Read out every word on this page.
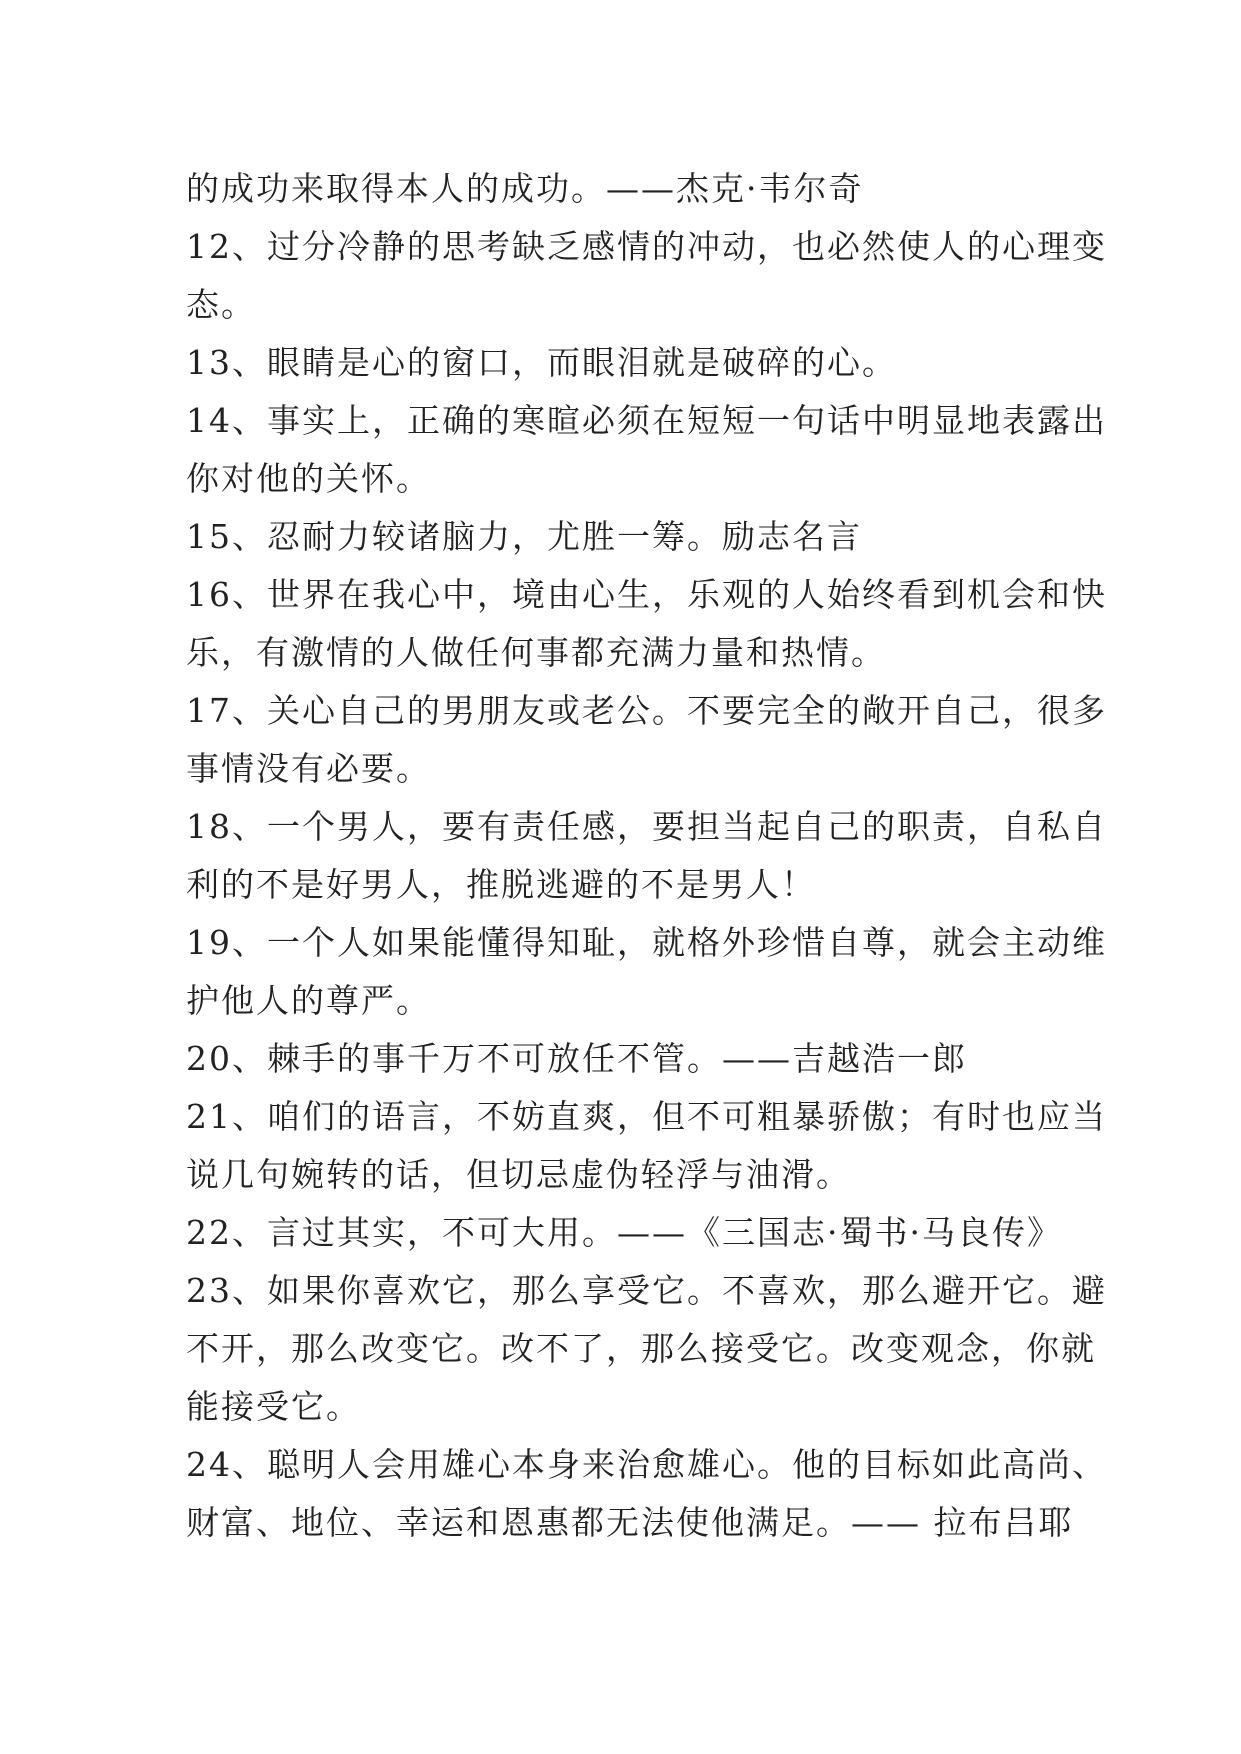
的成功来取得本人的成功。——杰克·韦尔奇
12、过分冷静的思考缺乏感情的冲动，也必然使人的心理变
态。
13、眼睛是心的窗口，而眼泪就是破碎的心。
14、事实上，正确的寒暄必须在短短一句话中明显地表露出
你对他的关怀。
15、忍耐力较诸脑力，尤胜一筹。励志名言
16、世界在我心中，境由心生，乐观的人始终看到机会和快
乐，有激情的人做任何事都充满力量和热情。
17、关心自己的男朋友或老公。不要完全的敞开自己，很多
事情没有必要。
18、一个男人，要有责任感，要担当起自己的职责，自私自
利的不是好男人，推脱逃避的不是男人！
19、一个人如果能懂得知耻，就格外珍惜自尊，就会主动维
护他人的尊严。
20、棘手的事千万不可放任不管。——吉越浩一郎
21、咱们的语言，不妨直爽，但不可粗暴骄傲；有时也应当
说几句婉转的话，但切忌虚伪轻浮与油滑。
22、言过其实，不可大用。——《三国志·蜀书·马良传》
23、如果你喜欢它，那么享受它。不喜欢，那么避开它。避
不开，那么改变它。改不了，那么接受它。改变观念，你就
能接受它。
24、聪明人会用雄心本身来治愈雄心。他的目标如此高尚、
财富、地位、幸运和恩惠都无法使他满足。—— 拉布吕耶
